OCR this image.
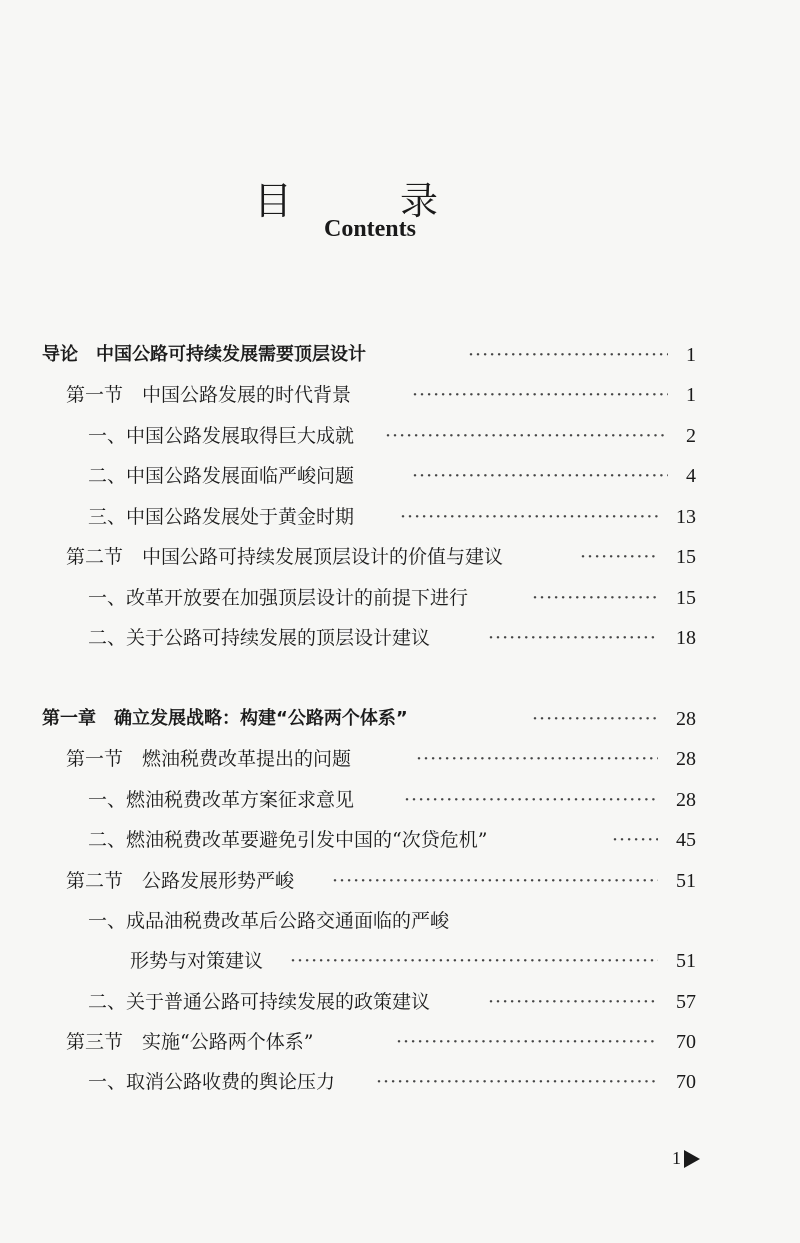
目 录
Contents
导论　中国公路可持续发展需要顶层设计 ·····	1
第一节　中国公路发展的时代背景 ·····	1
一、中国公路发展取得巨大成就 ·····	2
二、中国公路发展面临严峻问题 ·····	4
三、中国公路发展处于黄金时期 ·····	13
第二节　中国公路可持续发展顶层设计的价值与建议 ·····	15
一、改革开放要在加强顶层设计的前提下进行 ·····	15
二、关于公路可持续发展的顶层设计建议 ·····	18
第一章　确立发展战略：构建“公路两个体系” ·····	28
第一节　燃油税费改革提出的问题 ·····	28
一、燃油税费改革方案征求意见 ·····	28
二、燃油税费改革要避免引发中国的“次贷危机” ·····	45
第二节　公路发展形势严峻 ·····	51
一、成品油税费改革后公路交通面临的严峻
形势与对策建议 ·····	51
二、关于普通公路可持续发展的政策建议 ·····	57
第三节　实施“公路两个体系” ·····	70
一、取消公路收费的舆论压力 ·····	70
1
